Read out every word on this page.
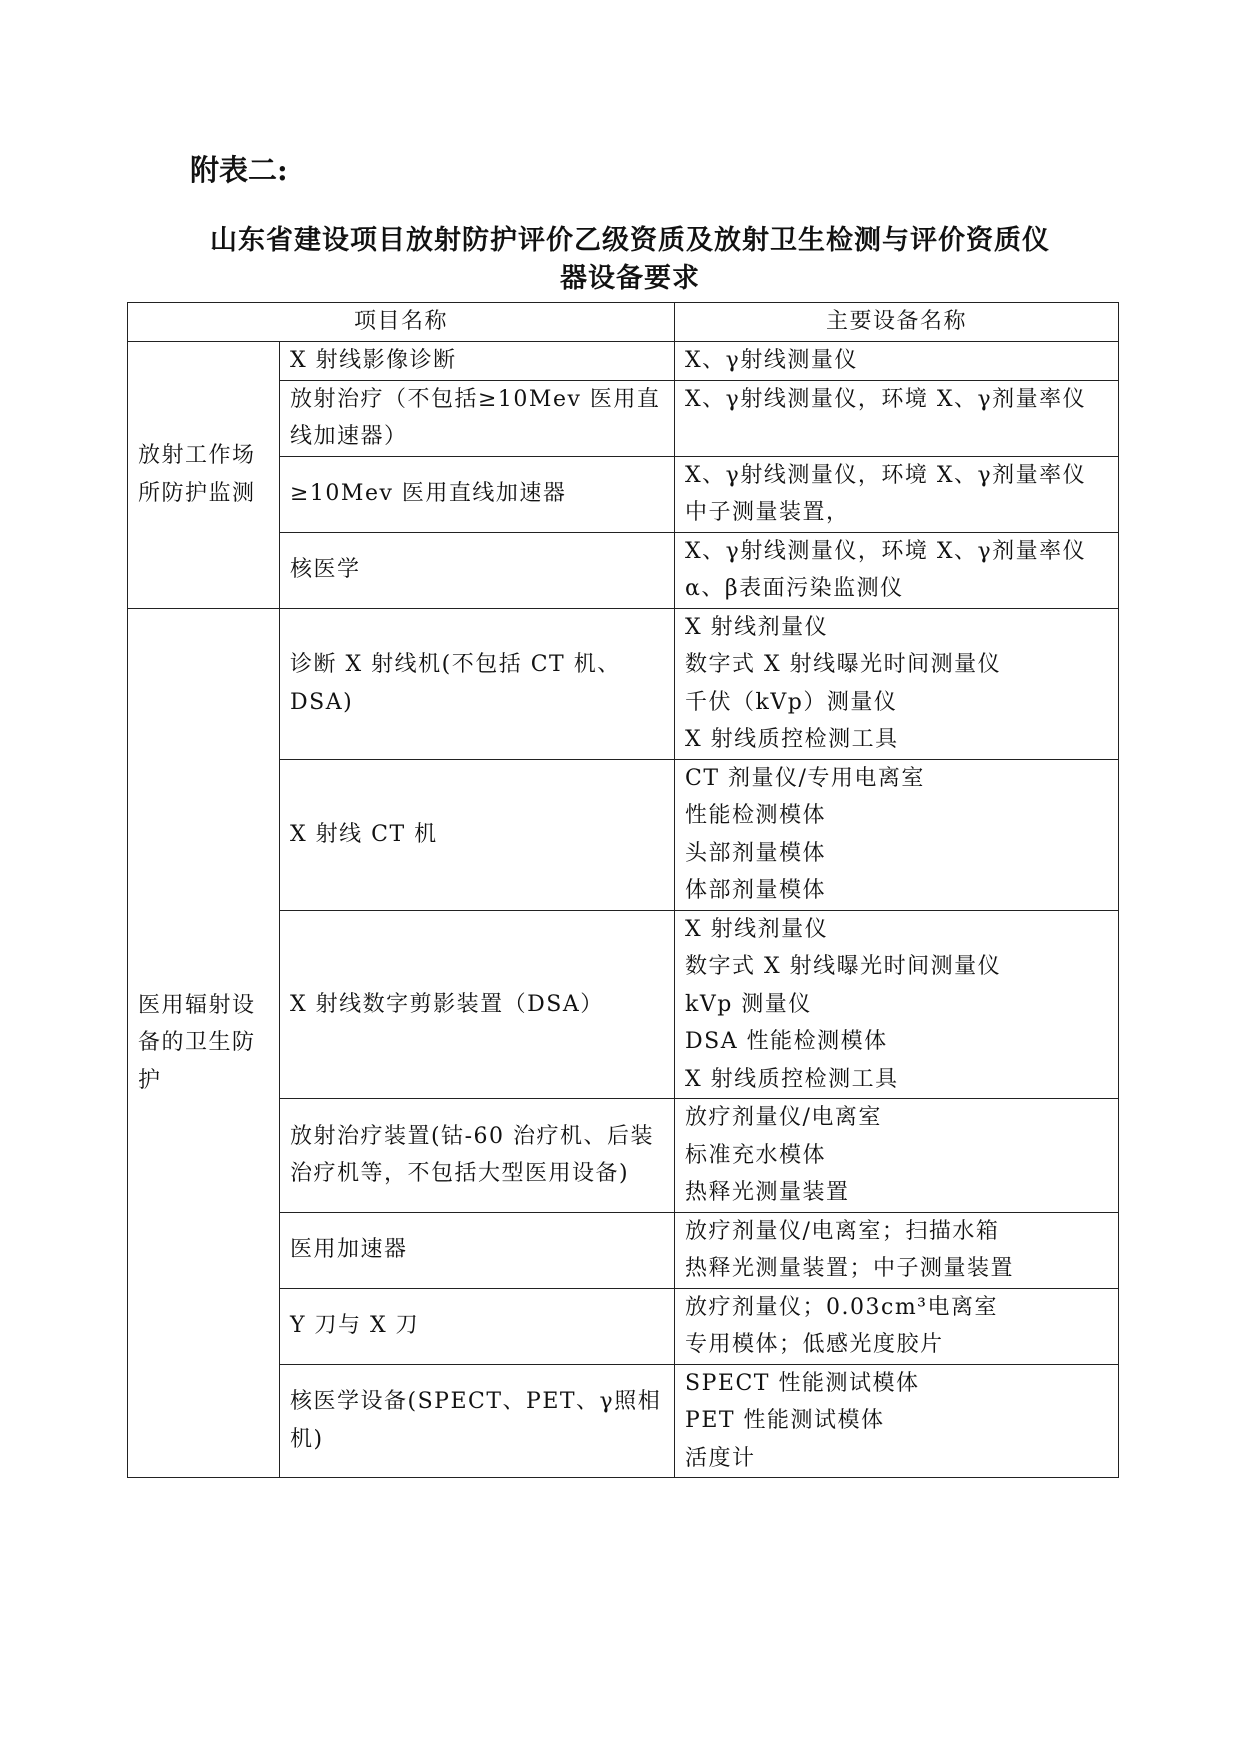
附表二:

山东省建设项目放射防护评价乙级资质及放射卫生检测与评价资质仪
器设备要求
项目名称		主要设备名称

放射工作场所防护监测	X 射线影像诊断	X、γ射线测量仪

	放射治疗（不包括≥10Mev 医用直线加速器）	X、γ射线测量仪，环境 X、γ剂量率仪

	≥10Mev 医用直线加速器	X、γ射线测量仪，环境 X、γ剂量率仪
中子测量装置，

	核医学	X、γ射线测量仪，环境 X、γ剂量率仪
α、β表面污染监测仪

医用辐射设备的卫生防护	诊断 X 射线机(不包括 CT 机、DSA)	X 射线剂量仪
数字式 X 射线曝光时间测量仪
千伏（kVp）测量仪
X 射线质控检测工具

	X 射线 CT 机	CT 剂量仪/专用电离室
性能检测模体
头部剂量模体
体部剂量模体

	X 射线数字剪影装置（DSA）	X 射线剂量仪
数字式 X 射线曝光时间测量仪
kVp 测量仪
DSA 性能检测模体
X 射线质控检测工具

	放射治疗装置(钴-60 治疗机、后装治疗机等，不包括大型医用设备)	放疗剂量仪/电离室
标准充水模体
热释光测量装置

	医用加速器	放疗剂量仪/电离室；扫描水箱
热释光测量装置；中子测量装置

	Y 刀与 X 刀	放疗剂量仪；0.03cm³电离室
专用模体；低感光度胶片

	核医学设备(SPECT、PET、γ照相机)	SPECT 性能测试模体
PET 性能测试模体
活度计
